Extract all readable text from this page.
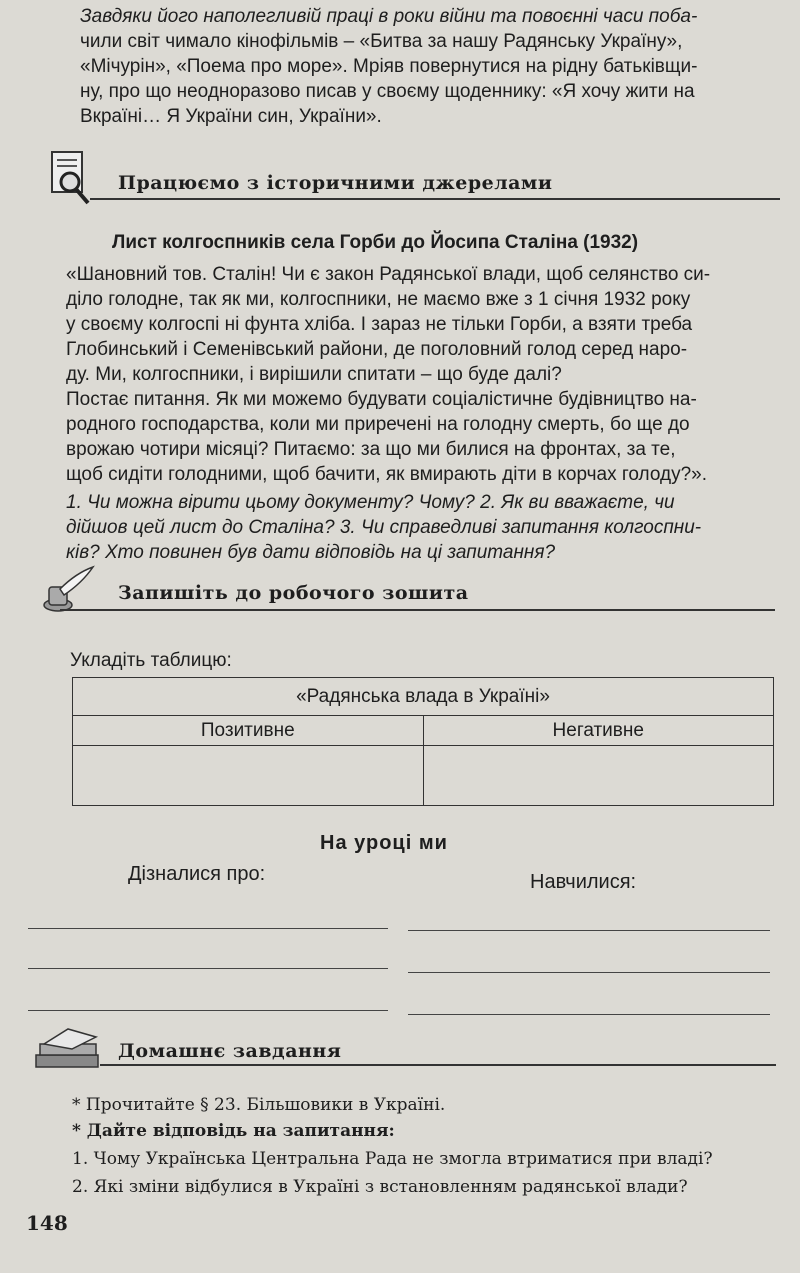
Завдяки його наполегливій праці в роки війни та повоєнні часи поба-

чили світ чимало кінофільмів – «Битва за нашу Радянську Україну»,

«Мічурін», «Поема про море». Мріяв повернутися на рідну батьківщи-

ну, про що неодноразово писав у своєму щоденнику: «Я хочу жити на

Вкраїні… Я України син, України».

Працюємо з історичними джерелами
Лист колгоспників села Горби до Йосипа Сталіна (1932)

«Шановний тов. Сталін! Чи є закон Радянської влади, щоб селянство си-

ділo голодне, так як ми, колгоспники, не маємо вже з 1 січня 1932 року

у своєму колгоспі ні фунта хліба. І зараз не тільки Горби, а взяти треба

Глобинський і Семенівський райони, де поголовний голод серед наро-

ду. Ми, колгоспники, і вирішили спитати – що буде далі?

Постає питання. Як ми можемо будувати соціалістичне будівництво на-

родного господарства, коли ми приречені на голодну смерть, бо ще до

врожаю чотири місяці? Питаємо: за що ми билися на фронтах, за те,

щоб сидіти голодними, щоб бачити, як вмирають діти в корчах голоду?».

1. Чи можна вірити цьому документу? Чому? 2. Як ви вважаєте, чи

дійшов цей лист до Сталіна? 3. Чи справедливі запитання колгоспни-

ків? Хто повинен був дати відповідь на ці запитання?

Запишіть до робочого зошита
Укладіть таблицю:
«Радянська влада в Україні»	
Позитивне	Негативне

На уроці ми
Дізналися про:	Навчилися:
Домашнє завдання

* Прочитайте § 23. Більшовики в Україні.

* Дайте відповідь на запитання:

1. Чому Українська Центральна Рада не змогла втриматися при владі?

2. Які зміни відбулися в Україні з встановленням радянської влади?

148
